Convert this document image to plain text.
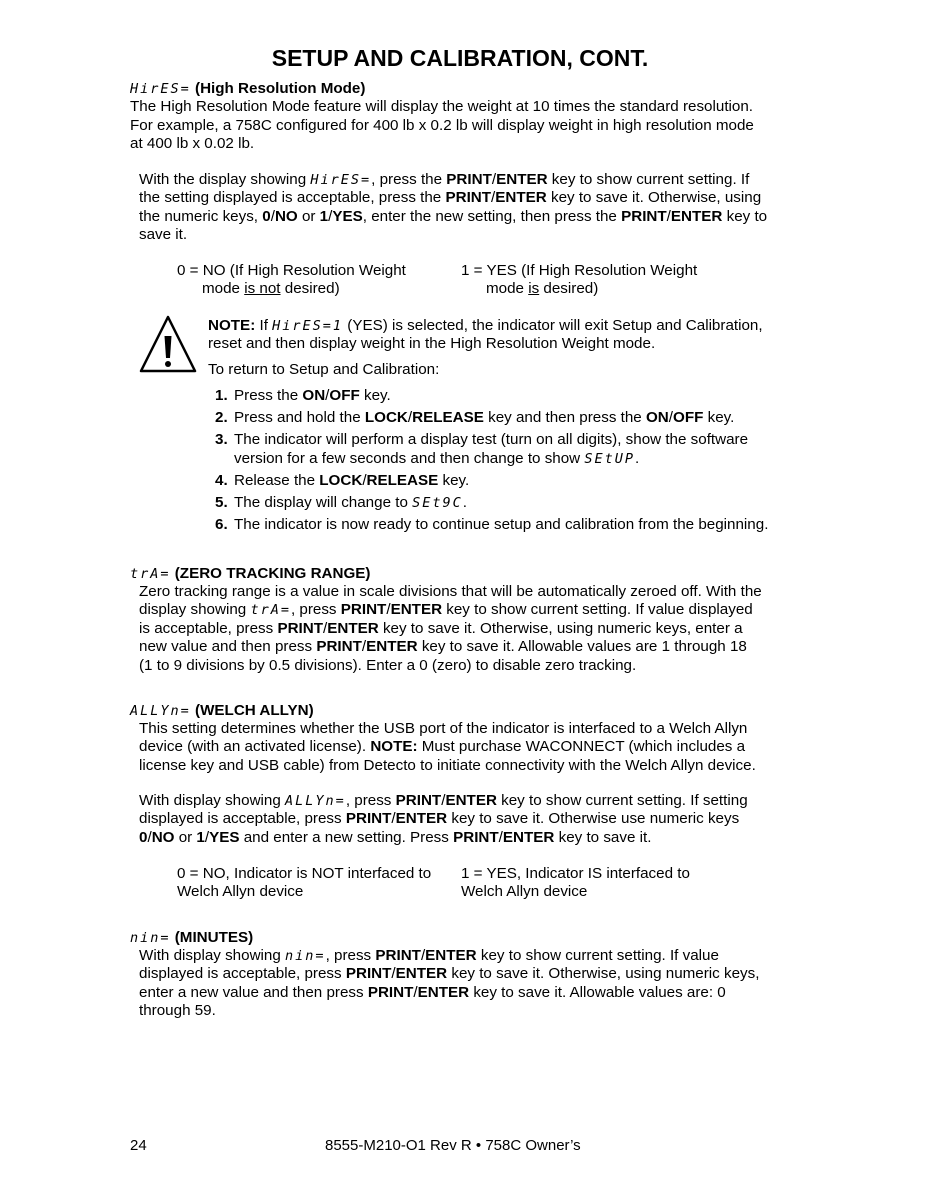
SETUP AND CALIBRATION, CONT.
HirES= (High Resolution Mode)
The High Resolution Mode feature will display the weight at 10 times the standard resolution.
For example, a 758C configured for 400 lb x 0.2 lb will display weight in high resolution mode
at 400 lb x 0.02 lb.
With the display showing HirES=, press the PRINT/ENTER key to show current setting. If
the setting displayed is acceptable, press the PRINT/ENTER key to save it. Otherwise, using
the numeric keys, 0/NO or 1/YES, enter the new setting, then press the PRINT/ENTER key to
save it.
0 = NO (If High Resolution Weight
mode is not desired)
1 = YES (If High Resolution Weight
mode is desired)
NOTE: If HirES=1 (YES) is selected, the indicator will exit Setup and Calibration,
reset and then display weight in the High Resolution Weight mode.
To return to Setup and Calibration:
1. Press the ON/OFF key.
2. Press and hold the LOCK/RELEASE key and then press the ON/OFF key.
3. The indicator will perform a display test (turn on all digits), show the software
version for a few seconds and then change to show SEtUP.
4. Release the LOCK/RELEASE key.
5. The display will change to SEt9C.
6. The indicator is now ready to continue setup and calibration from the beginning.
trA= (ZERO TRACKING RANGE)
Zero tracking range is a value in scale divisions that will be automatically zeroed off. With the
display showing trA=, press PRINT/ENTER key to show current setting. If value displayed
is acceptable, press PRINT/ENTER key to save it. Otherwise, using numeric keys, enter a
new value and then press PRINT/ENTER key to save it. Allowable values are 1 through 18
(1 to 9 divisions by 0.5 divisions). Enter a 0 (zero) to disable zero tracking.
ALLYn= (WELCH ALLYN)
This setting determines whether the USB port of the indicator is interfaced to a Welch Allyn
device (with an activated license). NOTE: Must purchase WACONNECT (which includes a
license key and USB cable) from Detecto to initiate connectivity with the Welch Allyn device.
With display showing ALLYn=, press PRINT/ENTER key to show current setting. If setting
displayed is acceptable, press PRINT/ENTER key to save it. Otherwise use numeric keys
0/NO or 1/YES and enter a new setting. Press PRINT/ENTER key to save it.
0 = NO, Indicator is NOT interfaced to
Welch Allyn device
1 = YES, Indicator IS interfaced to
Welch Allyn device
nin= (MINUTES)
With display showing nin=, press PRINT/ENTER key to show current setting. If value
displayed is acceptable, press PRINT/ENTER key to save it. Otherwise, using numeric keys,
enter a new value and then press PRINT/ENTER key to save it. Allowable values are: 0
through 59.
24	8555-M210-O1 Rev R • 758C Owner’s
